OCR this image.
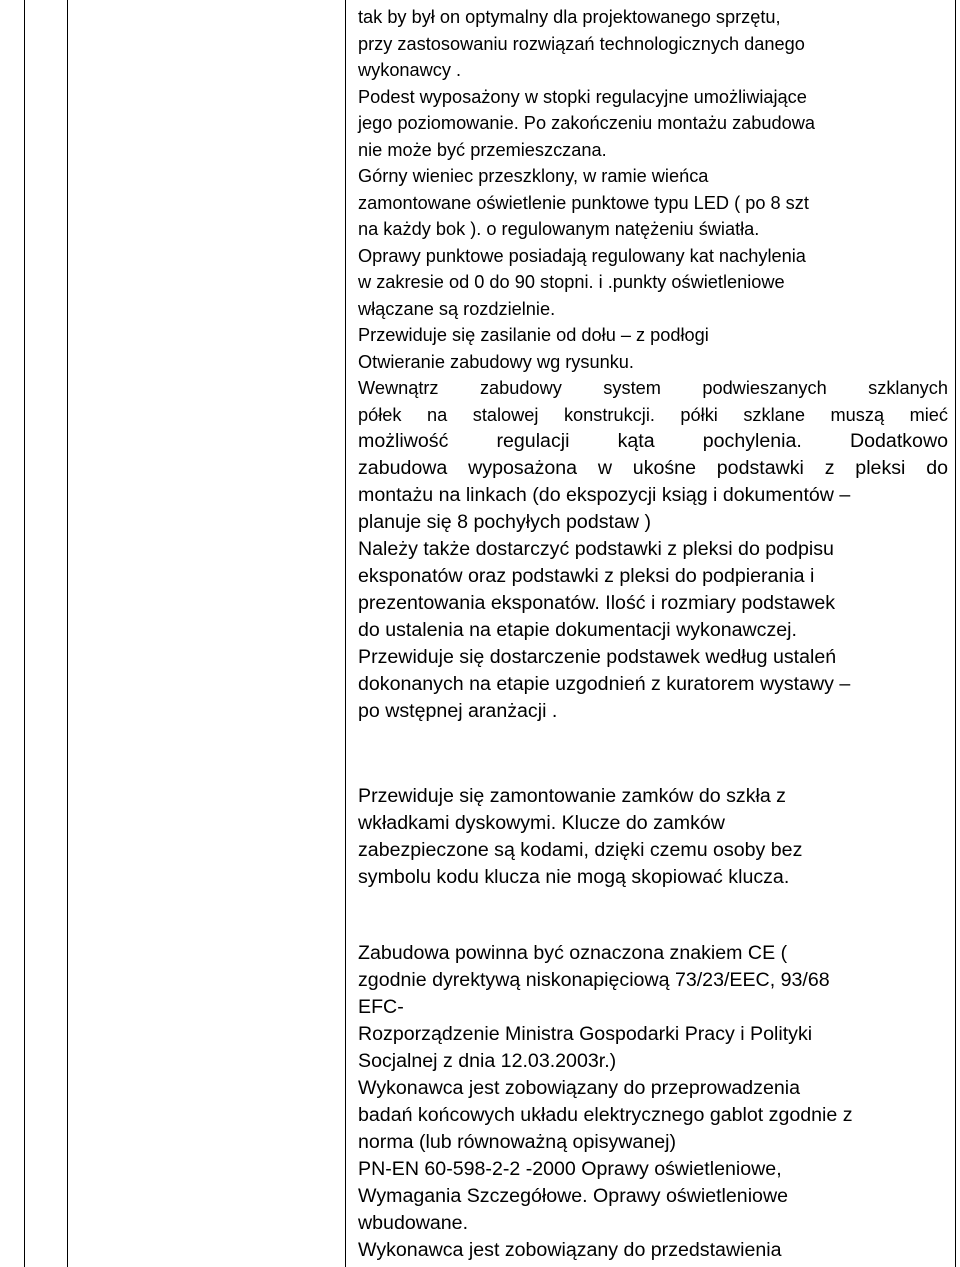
tak by był on optymalny dla projektowanego sprzętu,

przy zastosowaniu rozwiązań technologicznych danego

wykonawcy .

Podest wyposażony w stopki regulacyjne umożliwiające

jego poziomowanie. Po zakończeniu montażu zabudowa

nie może być przemieszczana.

Górny wieniec przeszklony, w ramie wieńca

zamontowane oświetlenie punktowe typu LED ( po 8 szt

na każdy bok ). o regulowanym natężeniu światła.

Oprawy punktowe posiadają regulowany kat nachylenia

w zakresie od 0 do 90 stopni. i .punkty oświetleniowe

włączane są rozdzielnie.

Przewiduje się zasilanie od dołu – z podłogi

Otwieranie zabudowy wg rysunku.

Wewnątrz zabudowy system podwieszanych szklanych

półek na stalowej konstrukcji. półki szklane muszą mieć

możliwość regulacji kąta pochylenia. Dodatkowo

zabudowa wyposażona w ukośne podstawki z pleksi do

montażu na linkach (do ekspozycji ksiąg i dokumentów –

planuje się 8 pochyłych podstaw )

Należy także dostarczyć podstawki z pleksi do podpisu

eksponatów oraz podstawki z pleksi do podpierania i

prezentowania eksponatów. Ilość i rozmiary podstawek

do ustalenia na etapie dokumentacji wykonawczej.

Przewiduje się dostarczenie podstawek według ustaleń

dokonanych na etapie uzgodnień z kuratorem wystawy –

po wstępnej aranżacji .

Przewiduje się zamontowanie zamków do szkła z

wkładkami dyskowymi. Klucze do zamków

zabezpieczone są kodami, dzięki czemu osoby bez

symbolu kodu klucza nie mogą skopiować klucza.

Zabudowa powinna być oznaczona znakiem CE (

zgodnie dyrektywą niskonapięciową 73/23/EEC, 93/68

EFC-

Rozporządzenie Ministra Gospodarki Pracy i Polityki

Socjalnej z dnia 12.03.2003r.)

Wykonawca jest zobowiązany do przeprowadzenia

badań końcowych układu elektrycznego gablot zgodnie z

norma (lub równoważną opisywanej)

PN-EN 60-598-2-2 -2000 Oprawy oświetleniowe,

Wymagania Szczegółowe. Oprawy oświetleniowe

wbudowane.

Wykonawca jest zobowiązany do przedstawienia
